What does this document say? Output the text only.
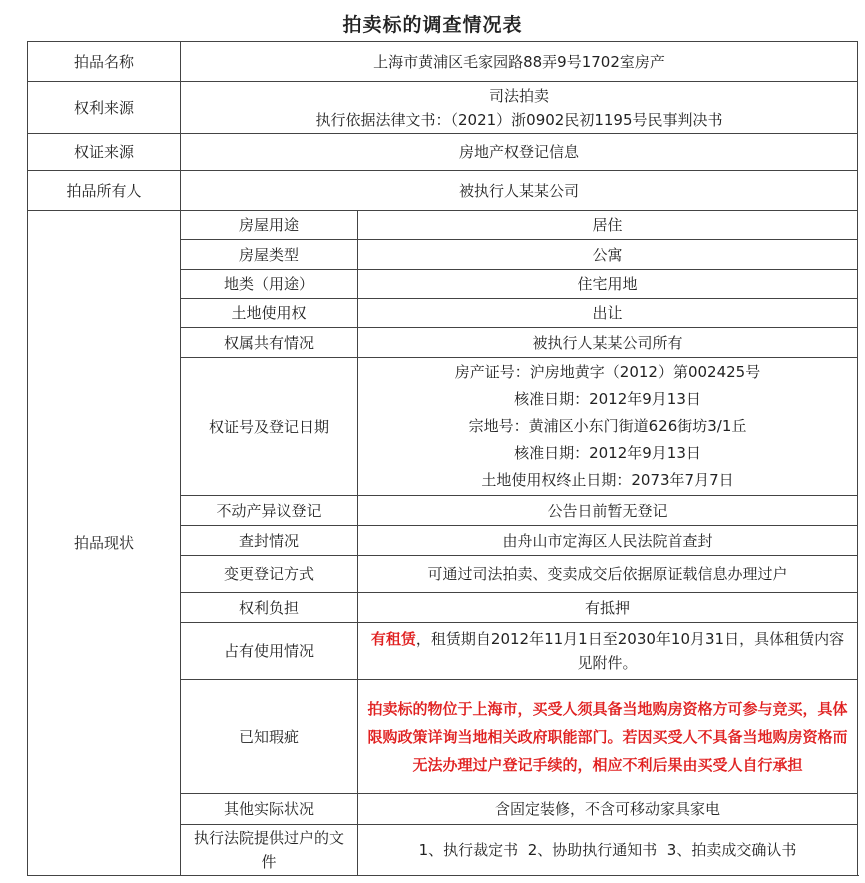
拍卖标的调查情况表
拍品名称	上海市黄浦区毛家园路88弄9号1702室房产	
权利来源	司法拍卖
执行依据法律文书：（2021）浙0902民初1195号民事判决书	

权证来源	房地产权登记信息	
拍品所有人	被执行人某某公司	
拍品现状	房屋用途	居住
	房屋类型	公寓
	地类（用途）	住宅用地
	土地使用权	出让
	权属共有情况	被执行人某某公司所有
	权证号及登记日期	房产证号：沪房地黄字（2012）第002425号
核准日期：2012年9月13日
宗地号：黄浦区小东门街道626街坊3/1丘
核准日期：2012年9月13日
土地使用权终止日期：2073年7月7日

	不动产异议登记	公告日前暂无登记
	查封情况	由舟山市定海区人民法院首查封
	变更登记方式	可通过司法拍卖、变卖成交后依据原证载信息办理过户
	权利负担	有抵押
	占有使用情况	有租赁，租赁期自2012年11月1日至2030年10月31日，具体租赁内容见附件。
	已知瑕疵	拍卖标的物位于上海市，买受人须具备当地购房资格方可参与竞买，具体限购政策详询当地相关政府职能部门。若因买受人不具备当地购房资格而无法办理过户登记手续的，相应不利后果由买受人自行承担
	其他实际状况	含固定装修，不含可移动家具家电
	执行法院提供过户的文件	1、执行裁定书  2、协助执行通知书  3、拍卖成交确认书
